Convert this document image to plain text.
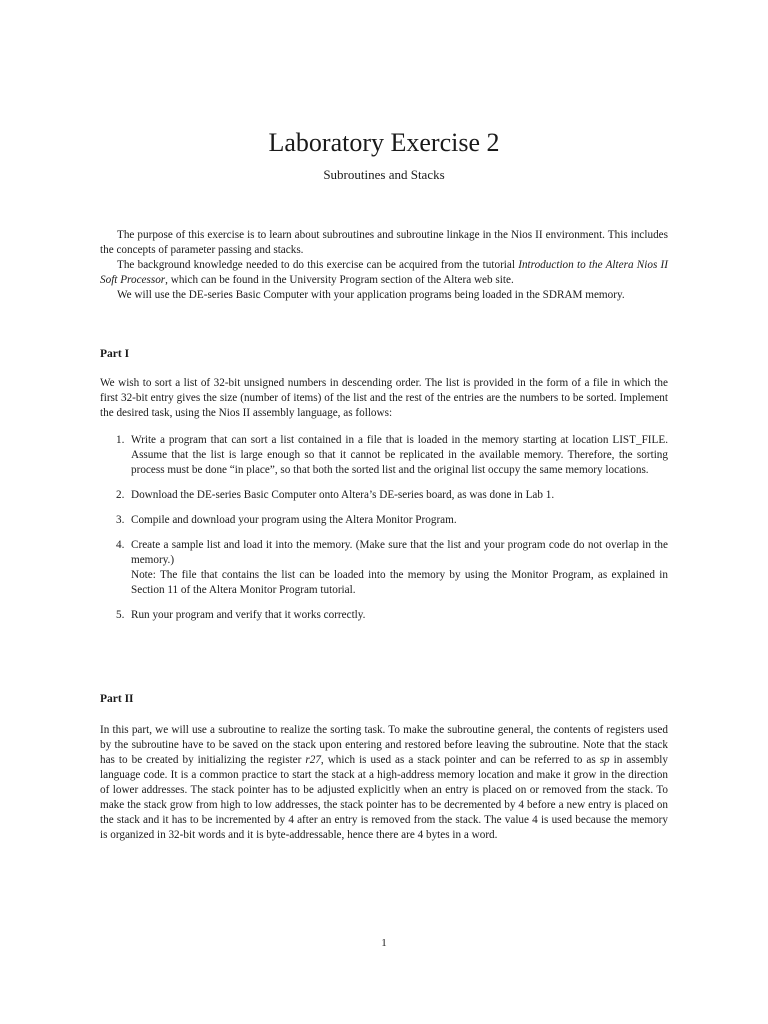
Laboratory Exercise 2
Subroutines and Stacks

The purpose of this exercise is to learn about subroutines and subroutine linkage in the Nios II environment. This includes the concepts of parameter passing and stacks.

The background knowledge needed to do this exercise can be acquired from the tutorial Introduction to the Altera Nios II Soft Processor, which can be found in the University Program section of the Altera web site.

We will use the DE-series Basic Computer with your application programs being loaded in the SDRAM memory.

Part I

We wish to sort a list of 32-bit unsigned numbers in descending order. The list is provided in the form of a file in which the first 32-bit entry gives the size (number of items) of the list and the rest of the entries are the numbers to be sorted. Implement the desired task, using the Nios II assembly language, as follows:

1. Write a program that can sort a list contained in a file that is loaded in the memory starting at location LIST_FILE. Assume that the list is large enough so that it cannot be replicated in the available memory. Therefore, the sorting process must be done “in place”, so that both the sorted list and the original list occupy the same memory locations.
2. Download the DE-series Basic Computer onto Altera’s DE-series board, as was done in Lab 1.
3. Compile and download your program using the Altera Monitor Program.
4. Create a sample list and load it into the memory. (Make sure that the list and your program code do not overlap in the memory.)
Note: The file that contains the list can be loaded into the memory by using the Monitor Program, as explained in Section 11 of the Altera Monitor Program tutorial.
5. Run your program and verify that it works correctly.
Part II

In this part, we will use a subroutine to realize the sorting task. To make the subroutine general, the contents of registers used by the subroutine have to be saved on the stack upon entering and restored before leaving the subroutine. Note that the stack has to be created by initializing the register r27, which is used as a stack pointer and can be referred to as sp in assembly language code. It is a common practice to start the stack at a high-address memory location and make it grow in the direction of lower addresses. The stack pointer has to be adjusted explicitly when an entry is placed on or removed from the stack. To make the stack grow from high to low addresses, the stack pointer has to be decremented by 4 before a new entry is placed on the stack and it has to be incremented by 4 after an entry is removed from the stack. The value 4 is used because the memory is organized in 32-bit words and it is byte-addressable, hence there are 4 bytes in a word.

1
